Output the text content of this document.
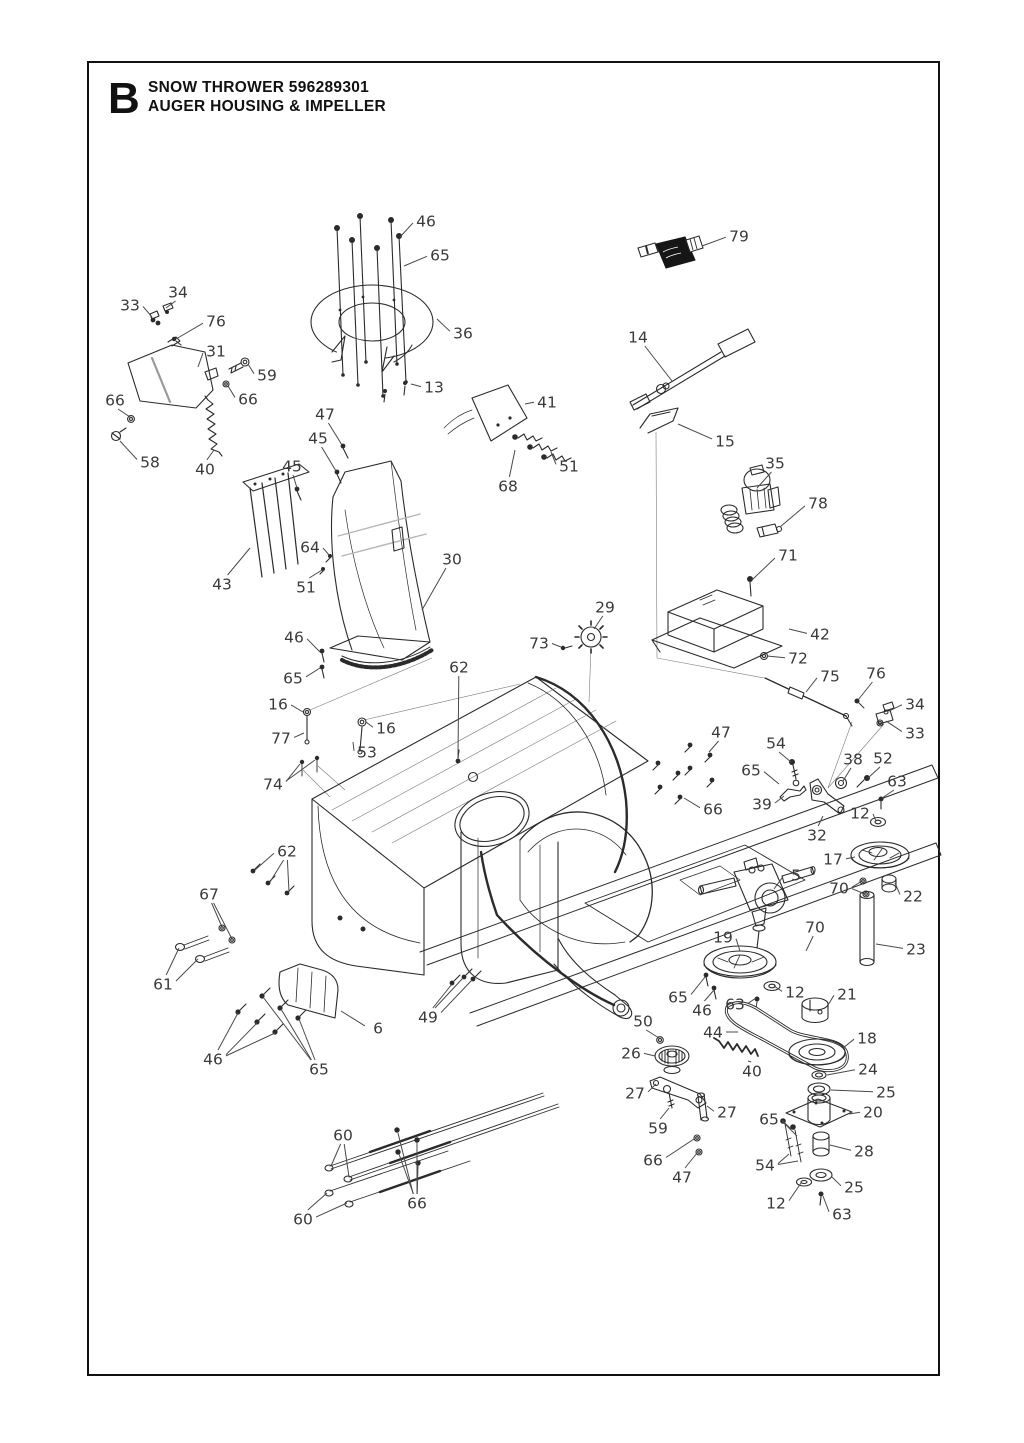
B SNOW THROWER 596289301
AUGER HOUSING & IMPELLER
46
65
36
13
41
51
68
79
14
15
35
78
33
34
76
31
59
66
66
58 40
47
45
45
64
51
43
30
46
65
29
73
71
42
72
75 76
34
33
54
38 52
65
63
39	12
32
17
22
70
23
5
19
70
47
66
65
46
12
63
21
50
26
44
40
18
24
25
20
65
28
54
25
12
63
27
59
27
66
47
16
77
16
53
74
62
62
67
61
46
65
6
49
60
66
60
